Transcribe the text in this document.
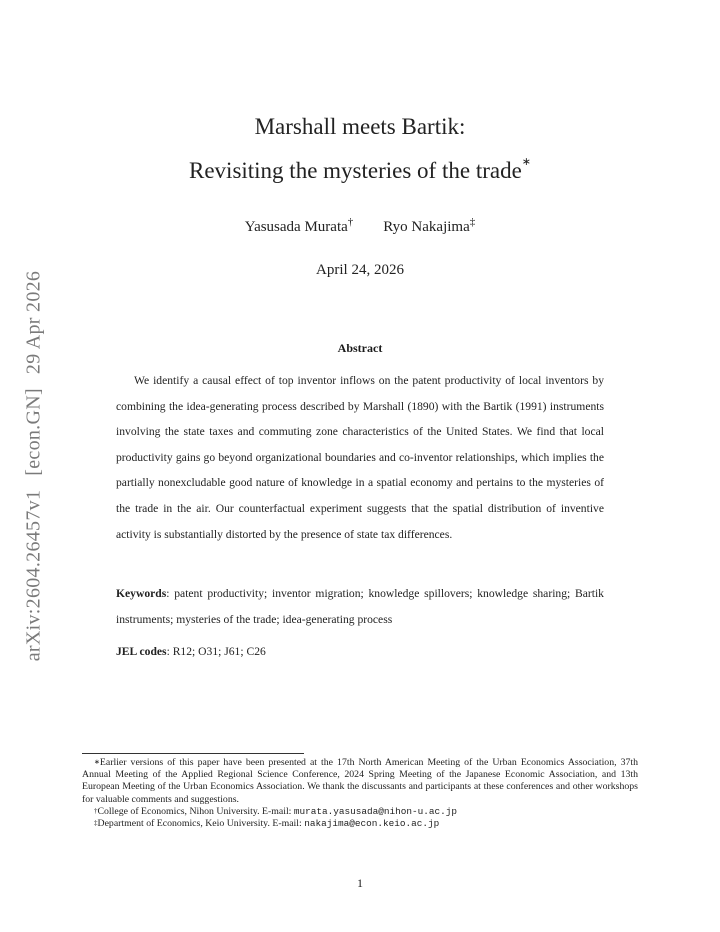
arXiv:2604.26457v1[econ.GN]29 Apr 2026
Marshall meets Bartik:
Revisiting the mysteries of the trade∗
Yasusada Murata† Ryo Nakajima‡
April 24, 2026
Abstract
We identify a causal effect of top inventor inflows on the patent productivity of local inventors by combining the idea-generating process described by Marshall (1890) with the Bartik (1991) instruments involving the state taxes and commuting zone characteristics of the United States. We find that local productivity gains go beyond organizational boundaries and co-inventor relationships, which implies the partially nonexcludable good nature of knowledge in a spatial economy and pertains to the mysteries of the trade in the air. Our counterfactual experiment suggests that the spatial distribution of inventive activity is substantially distorted by the presence of state tax differences.
Keywords: patent productivity; inventor migration; knowledge spillovers; knowledge sharing; Bartik instruments; mysteries of the trade; idea-generating process
JEL codes: R12; O31; J61; C26
∗Earlier versions of this paper have been presented at the 17th North American Meeting of the Urban Economics Association, 37th Annual Meeting of the Applied Regional Science Conference, 2024 Spring Meeting of the Japanese Economic Association, and 13th European Meeting of the Urban Economics Association. We thank the discussants and participants at these conferences and other workshops for valuable comments and suggestions.
†College of Economics, Nihon University. E-mail: murata.yasusada@nihon-u.ac.jp
‡Department of Economics, Keio University. E-mail: nakajima@econ.keio.ac.jp
1
